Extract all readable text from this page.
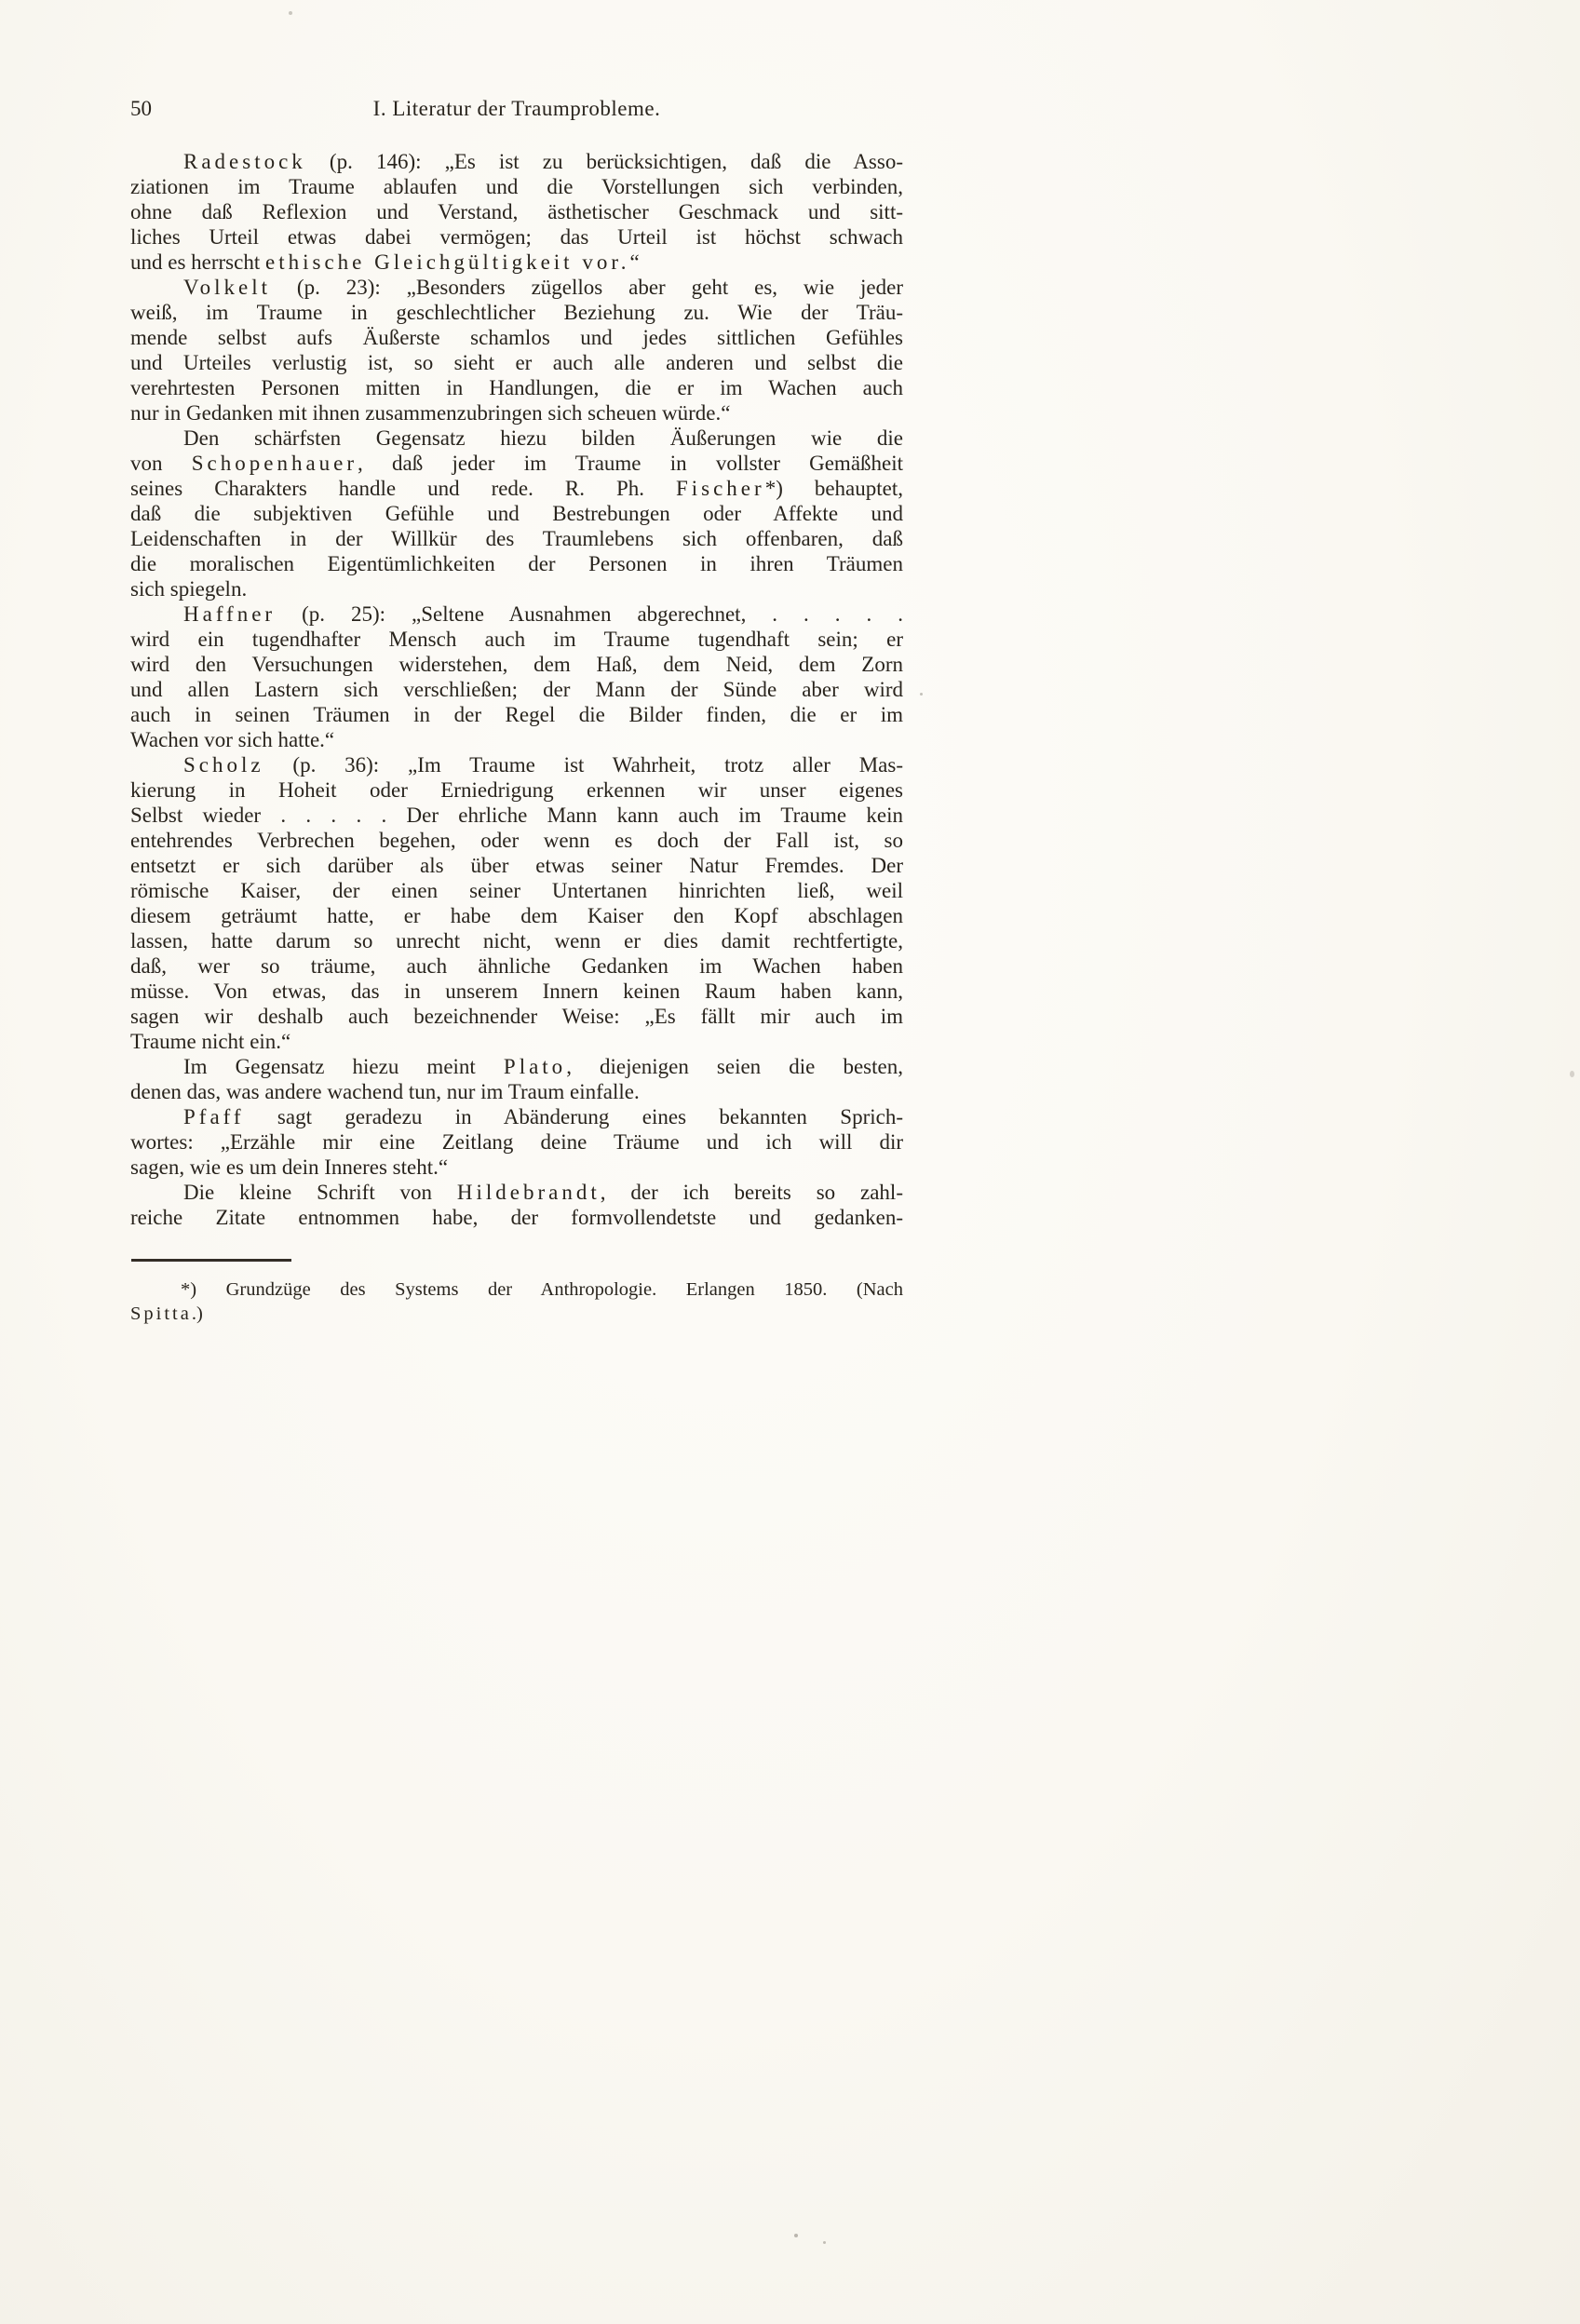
50	I. Literatur der Traumprobleme.
Radestock (p. 146): „Es ist zu berücksichtigen, daß die Asso-
ziationen im Traume ablaufen und die Vorstellungen sich verbinden,
ohne daß Reflexion und Verstand, ästhetischer Geschmack und sitt-
liches Urteil etwas dabei vermögen; das Urteil ist höchst schwach
und es herrscht ethische Gleichgültigkeit vor.“
Volkelt (p. 23): „Besonders zügellos aber geht es, wie jeder
weiß, im Traume in geschlechtlicher Beziehung zu. Wie der Träu-
mende selbst aufs Äußerste schamlos und jedes sittlichen Gefühles
und Urteiles verlustig ist, so sieht er auch alle anderen und selbst die
verehrtesten Personen mitten in Handlungen, die er im Wachen auch
nur in Gedanken mit ihnen zusammenzubringen sich scheuen würde.“
Den schärfsten Gegensatz hiezu bilden Äußerungen wie die
von Schopenhauer, daß jeder im Traume in vollster Gemäßheit
seines Charakters handle und rede. R. Ph. Fischer*) behauptet,
daß die subjektiven Gefühle und Bestrebungen oder Affekte und
Leidenschaften in der Willkür des Traumlebens sich offenbaren, daß
die moralischen Eigentümlichkeiten der Personen in ihren Träumen
sich spiegeln.
Haffner (p. 25): „Seltene Ausnahmen abgerechnet, . . . . .
wird ein tugendhafter Mensch auch im Traume tugendhaft sein; er
wird den Versuchungen widerstehen, dem Haß, dem Neid, dem Zorn
und allen Lastern sich verschließen; der Mann der Sünde aber wird
auch in seinen Träumen in der Regel die Bilder finden, die er im
Wachen vor sich hatte.“
Scholz (p. 36): „Im Traume ist Wahrheit, trotz aller Mas-
kierung in Hoheit oder Erniedrigung erkennen wir unser eigenes
Selbst wieder . . . . . Der ehrliche Mann kann auch im Traume kein
entehrendes Verbrechen begehen, oder wenn es doch der Fall ist, so
entsetzt er sich darüber als über etwas seiner Natur Fremdes. Der
römische Kaiser, der einen seiner Untertanen hinrichten ließ, weil
diesem geträumt hatte, er habe dem Kaiser den Kopf abschlagen
lassen, hatte darum so unrecht nicht, wenn er dies damit rechtfertigte,
daß, wer so träume, auch ähnliche Gedanken im Wachen haben
müsse. Von etwas, das in unserem Innern keinen Raum haben kann,
sagen wir deshalb auch bezeichnender Weise: „Es fällt mir auch im
Traume nicht ein.“
Im Gegensatz hiezu meint Plato, diejenigen seien die besten,
denen das, was andere wachend tun, nur im Traum einfalle.
Pfaff sagt geradezu in Abänderung eines bekannten Sprich-
wortes: „Erzähle mir eine Zeitlang deine Träume und ich will dir
sagen, wie es um dein Inneres steht.“
Die kleine Schrift von Hildebrandt, der ich bereits so zahl-
reiche Zitate entnommen habe, der formvollendetste und gedanken-
*) Grundzüge des Systems der Anthropologie. Erlangen 1850. (Nach
Spitta.)
